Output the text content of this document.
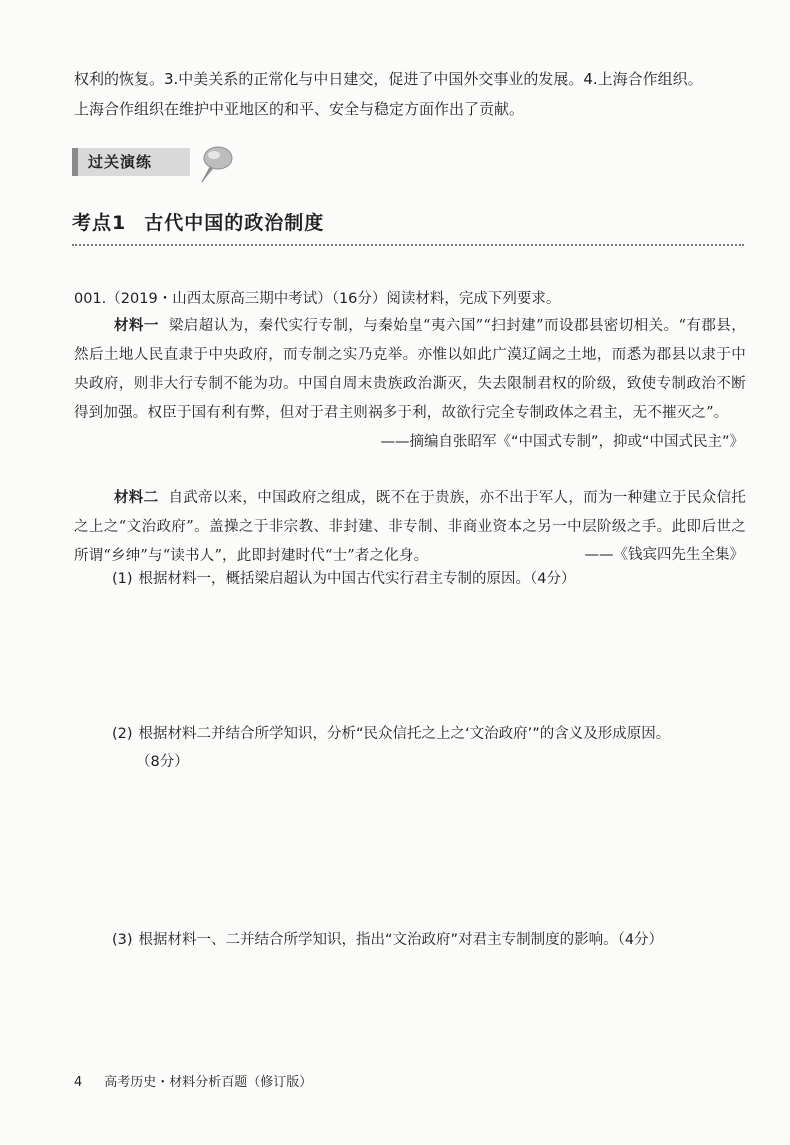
权利的恢复。3.中美关系的正常化与中日建交，促进了中国外交事业的发展。4.上海合作组织。

上海合作组织在维护中亚地区的和平、安全与稳定方面作出了贡献。

过关演练
考点1 古代中国的政治制度
001.（2019・山西太原高三期中考试）（16分）阅读材料，完成下列要求。
材料一 梁启超认为，秦代实行专制，与秦始皇“夷六国”“扫封建”而设郡县密切相关。“有郡县，然后土地人民直隶于中央政府，而专制之实乃克举。亦惟以如此广漠辽阔之土地，而悉为郡县以隶于中央政府，则非大行专制不能为功。中国自周末贵族政治澌灭，失去限制君权的阶级，致使专制政治不断得到加强。权臣于国有利有弊，但对于君主则祸多于利，故欲行完全专制政体之君主，无不摧灭之”。
——摘编自张昭军《“中国式专制”，抑或“中国式民主”》
材料二 自武帝以来，中国政府之组成，既不在于贵族，亦不出于军人，而为一种建立于民众信托之上之“文治政府”。盖操之于非宗教、非封建、非专制、非商业资本之另一中层阶级之手。此即后世之所谓“乡绅”与“读书人”，此即封建时代“士”者之化身。	——《钱宾四先生全集》
(1) 根据材料一，概括梁启超认为中国古代实行君主专制的原因。（4分）
(2) 根据材料二并结合所学知识，分析“民众信托之上之‘文治政府’”的含义及形成原因。
（8分）
(3) 根据材料一、二并结合所学知识，指出“文治政府”对君主专制制度的影响。（4分）
4 高考历史・材料分析百题（修订版）
